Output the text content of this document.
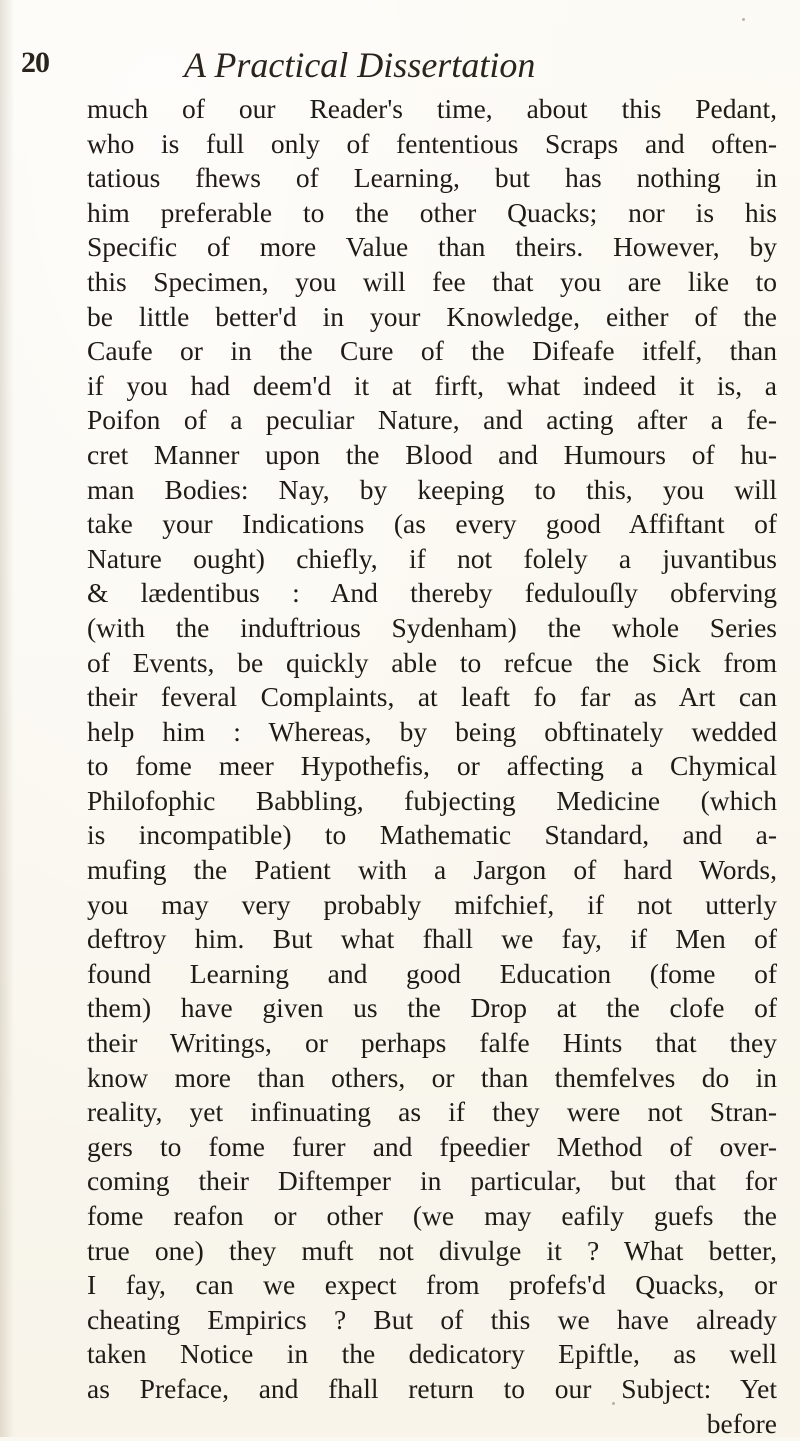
20	A Practical Dissertation
much of our Reader's time, about this Pedant,
who is full only of fententious Scraps and often-
tatious fhews of Learning, but has nothing in
him preferable to the other Quacks; nor is his
Specific of more Value than theirs. However, by
this Specimen, you will fee that you are like to
be little better'd in your Knowledge, either of the
Caufe or in the Cure of the Difeafe itfelf, than
if you had deem'd it at firft, what indeed it is, a
Poifon of a peculiar Nature, and acting after a fe-
cret Manner upon the Blood and Humours of hu-
man Bodies: Nay, by keeping to this, you will
take your Indications (as every good Affiftant of
Nature ought) chiefly, if not folely a juvantibus
& lædentibus : And thereby fedulouſly obferving
(with the induftrious Sydenham) the whole Series
of Events, be quickly able to refcue the Sick from
their feveral Complaints, at leaft fo far as Art can
help him : Whereas, by being obftinately wedded
to fome meer Hypothefis, or affecting a Chymical
Philofophic Babbling, fubjecting Medicine (which
is incompatible) to Mathematic Standard, and a-
mufing the Patient with a Jargon of hard Words,
you may very probably mifchief, if not utterly
deftroy him. But what fhall we fay, if Men of
found Learning and good Education (fome of
them) have given us the Drop at the clofe of
their Writings, or perhaps falfe Hints that they
know more than others, or than themfelves do in
reality, yet infinuating as if they were not Stran-
gers to fome furer and fpeedier Method of over-
coming their Diftemper in particular, but that for
fome reafon or other (we may eafily guefs the
true one) they muft not divulge it ? What better,
I fay, can we expect from profefs'd Quacks, or
cheating Empirics ? But of this we have already
taken Notice in the dedicatory Epiftle, as well
as Preface, and fhall return to our Subject: Yet
before
